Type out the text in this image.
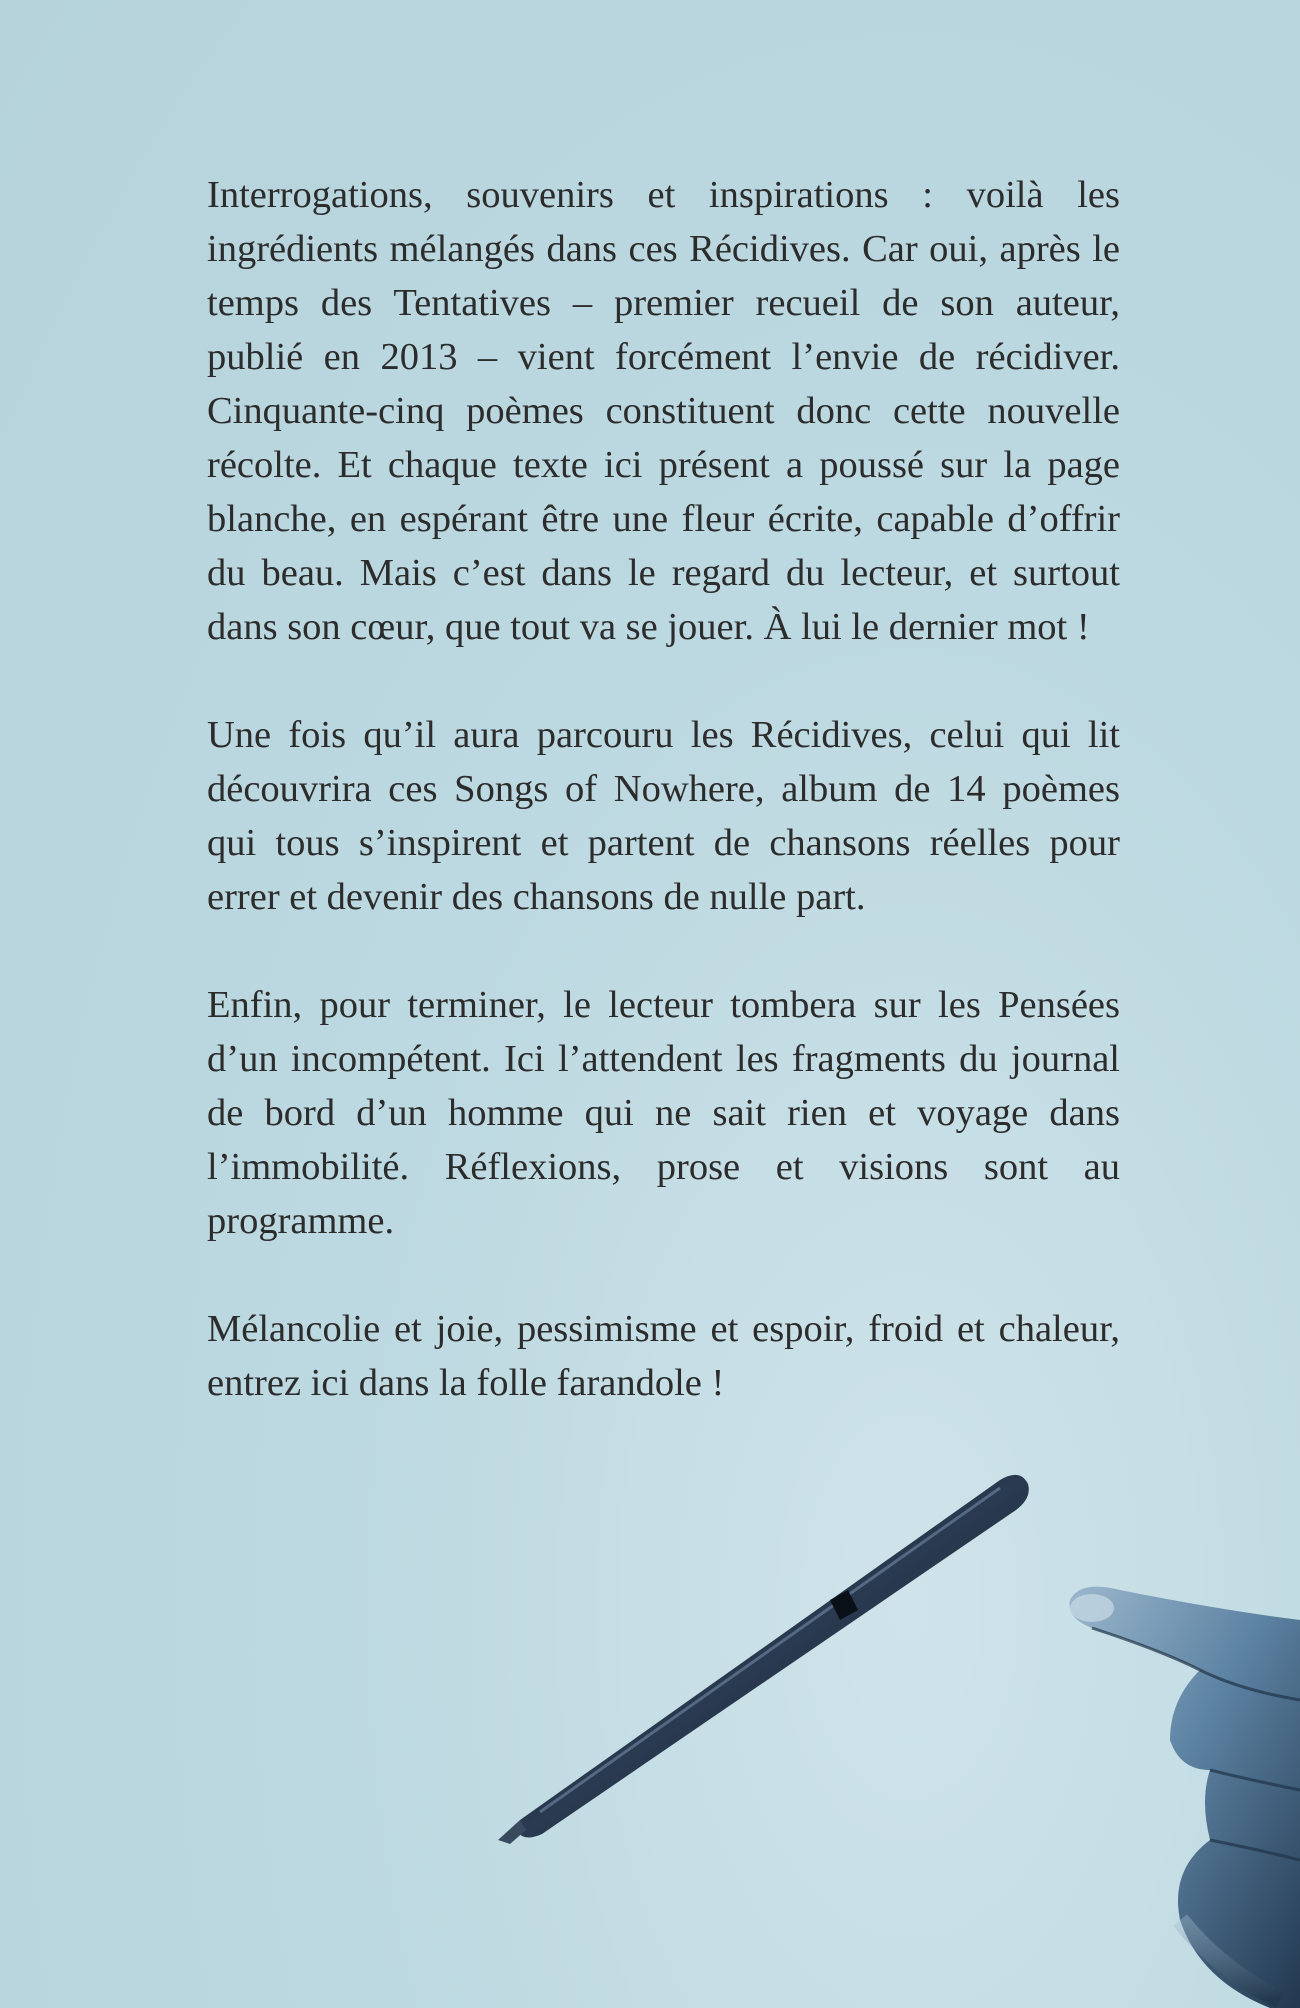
Interrogations, souvenirs et inspirations : voilà les ingrédients mélangés dans ces Récidives. Car oui, après le temps des Tentatives – premier recueil de son auteur, publié en 2013 – vient forcément l’envie de récidiver. Cinquante-cinq poèmes constituent donc cette nouvelle récolte. Et chaque texte ici présent a poussé sur la page blanche, en espérant être une fleur écrite, capable d’offrir du beau. Mais c’est dans le regard du lecteur, et surtout dans son cœur, que tout va se jouer. À lui le dernier mot !

Une fois qu’il aura parcouru les Récidives, celui qui lit découvrira ces Songs of Nowhere, album de 14 poèmes qui tous s’inspirent et partent de chansons réelles pour errer et devenir des chansons de nulle part.

Enfin, pour terminer, le lecteur tombera sur les Pensées d’un incompétent. Ici l’attendent les fragments du journal de bord d’un homme qui ne sait rien et voyage dans l’immobilité. Réflexions, prose et visions sont au programme.

Mélancolie et joie, pessimisme et espoir, froid et chaleur, entrez ici dans la folle farandole !
